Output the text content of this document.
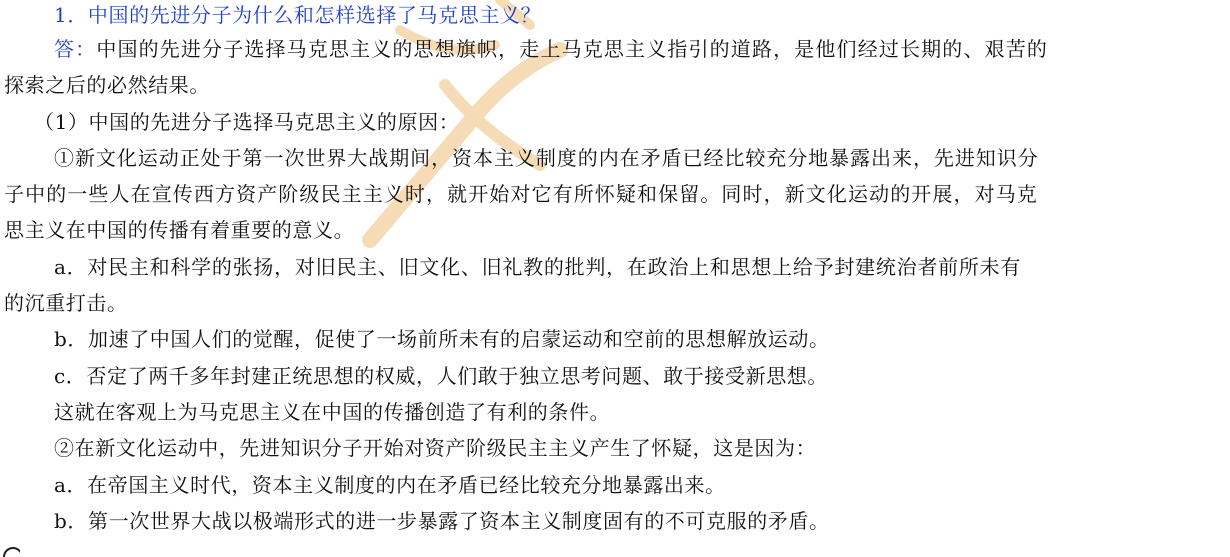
1．中国的先进分子为什么和怎样选择了马克思主义？
答：中国的先进分子选择马克思主义的思想旗帜，走上马克思主义指引的道路，是他们经过长期的、艰苦的
探索之后的必然结果。
（1）中国的先进分子选择马克思主义的原因：
①新文化运动正处于第一次世界大战期间，资本主义制度的内在矛盾已经比较充分地暴露出来，先进知识分
子中的一些人在宣传西方资产阶级民主主义时，就开始对它有所怀疑和保留。同时，新文化运动的开展，对马克
思主义在中国的传播有着重要的意义。
a．对民主和科学的张扬，对旧民主、旧文化、旧礼教的批判，在政治上和思想上给予封建统治者前所未有
的沉重打击。
b．加速了中国人们的觉醒，促使了一场前所未有的启蒙运动和空前的思想解放运动。
c．否定了两千多年封建正统思想的权威，人们敢于独立思考问题、敢于接受新思想。
这就在客观上为马克思主义在中国的传播创造了有利的条件。
②在新文化运动中，先进知识分子开始对资产阶级民主主义产生了怀疑，这是因为：
a．在帝国主义时代，资本主义制度的内在矛盾已经比较充分地暴露出来。
b．第一次世界大战以极端形式的进一步暴露了资本主义制度固有的不可克服的矛盾。
